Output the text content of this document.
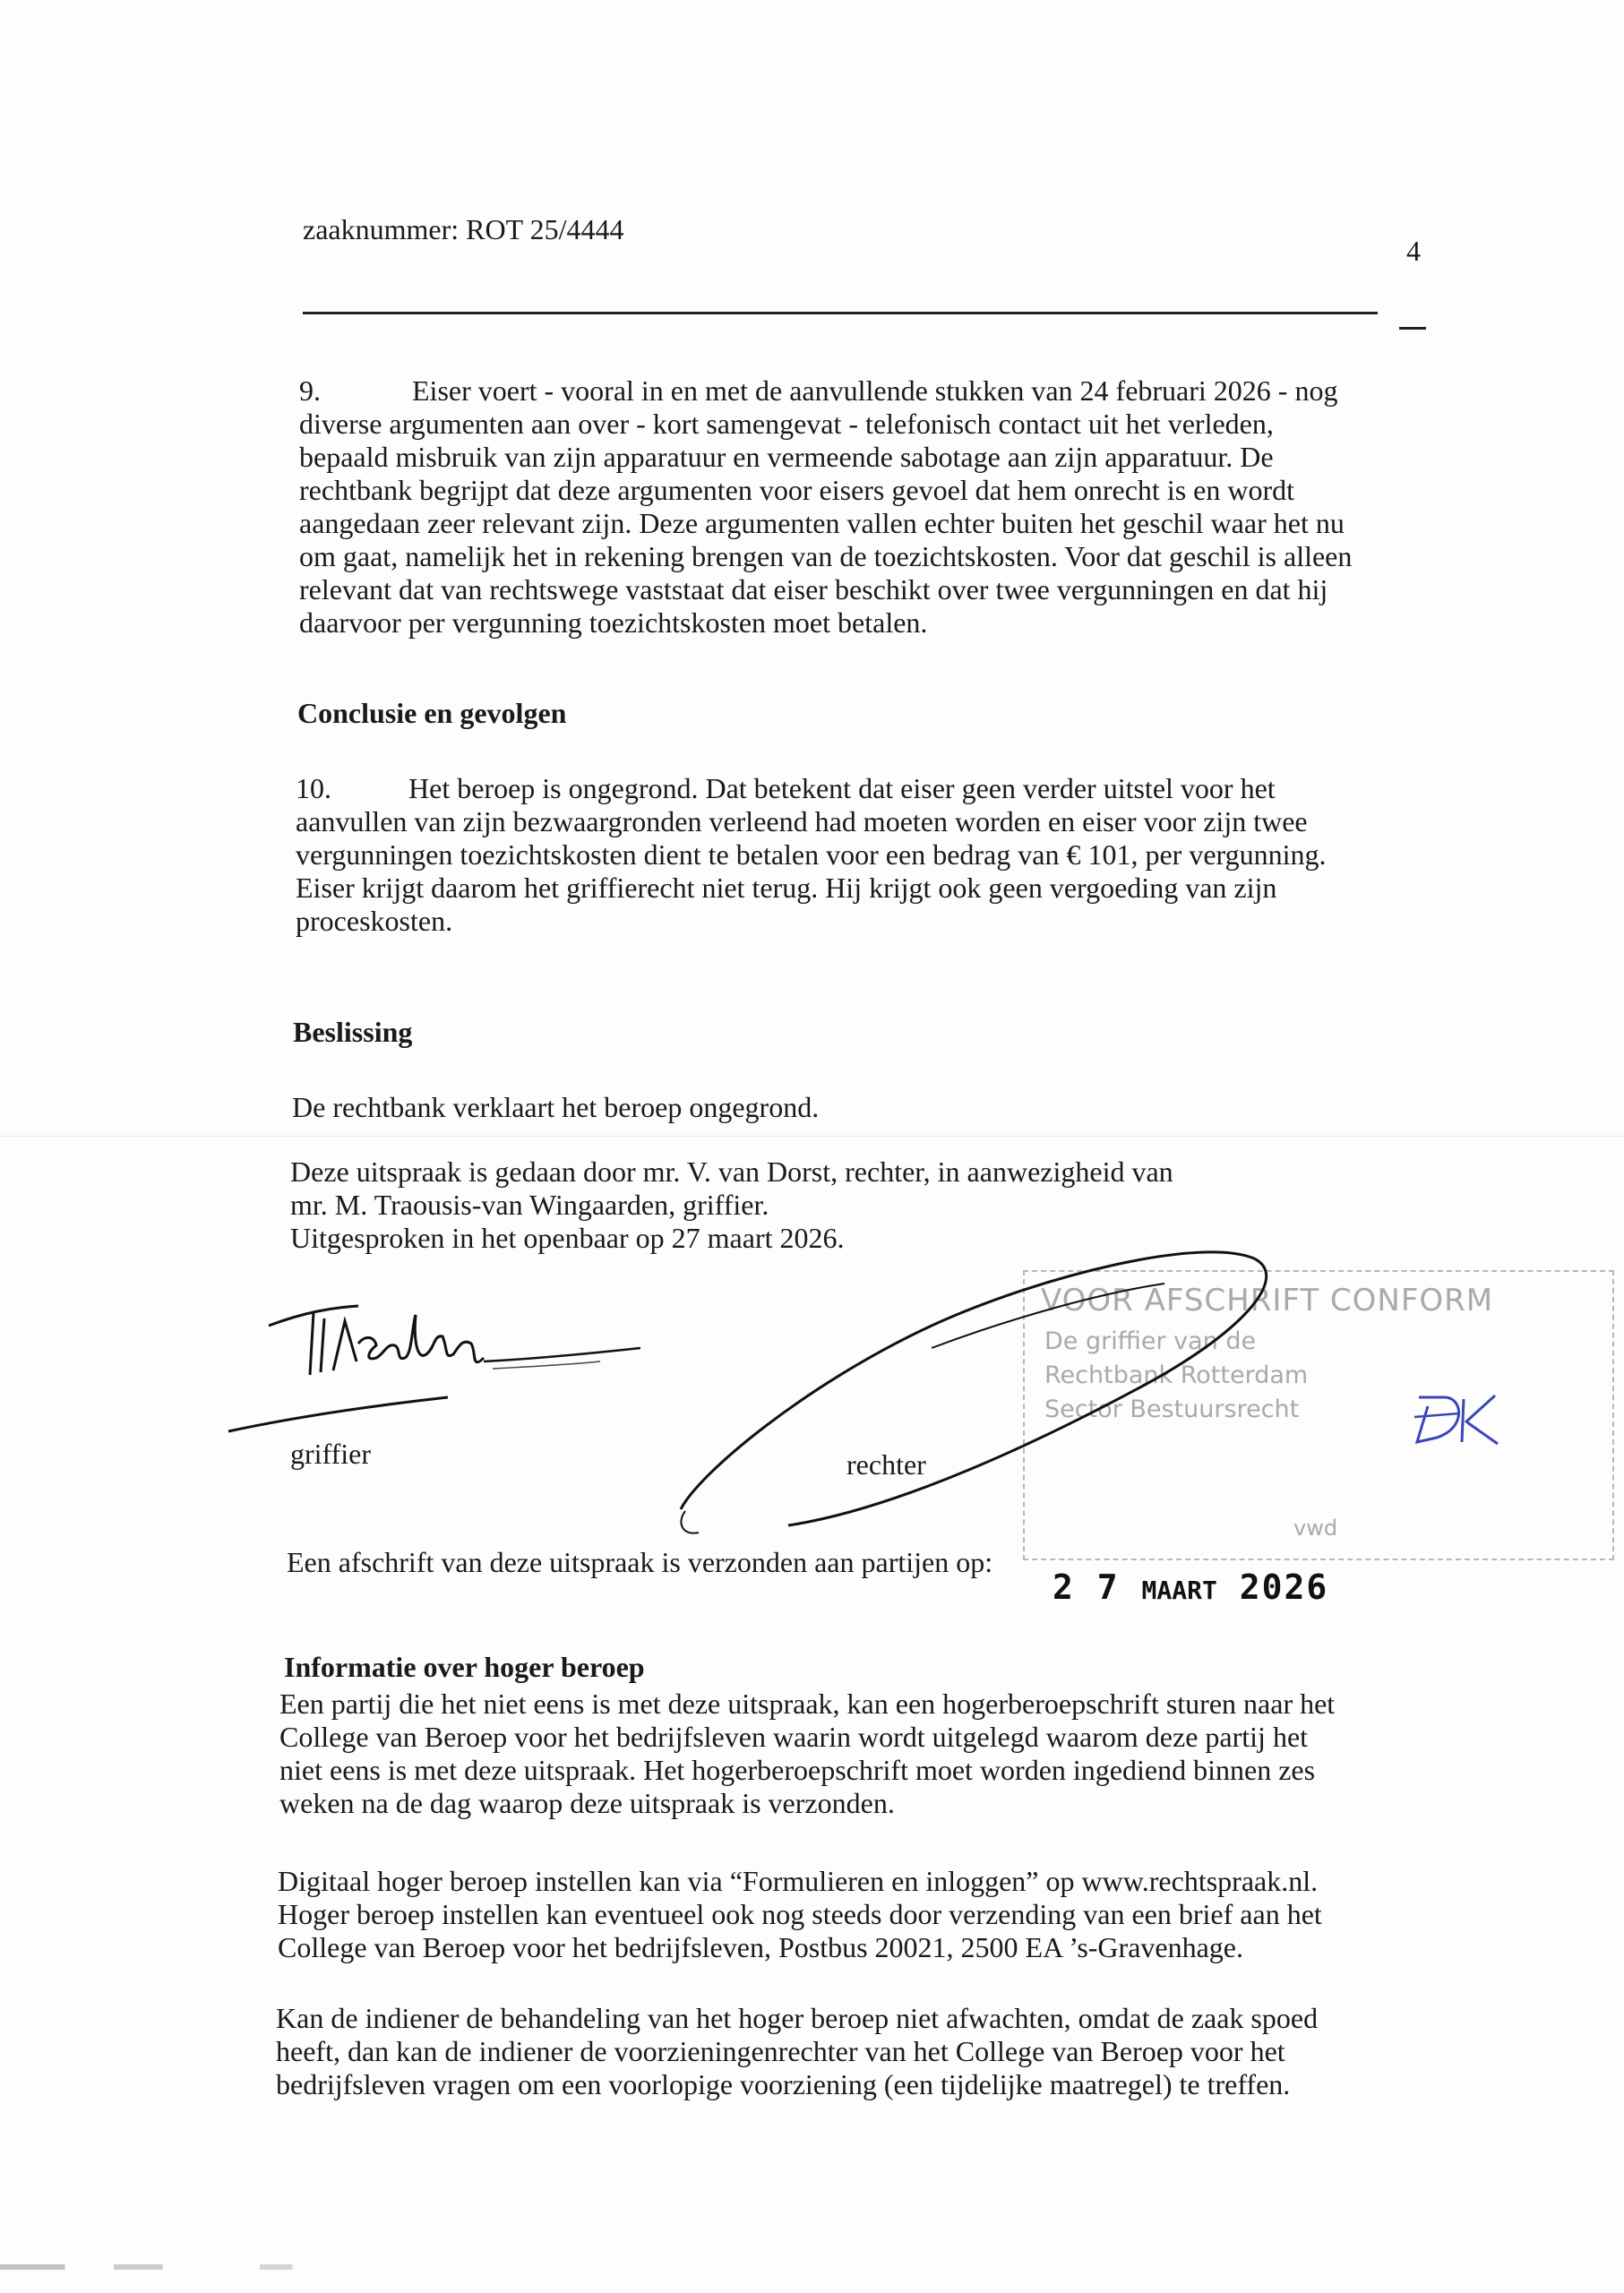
zaaknummer: ROT 25/4444
4
9.	Eiser voert - vooral in en met de aanvullende stukken van 24 februari 2026 - nog
diverse argumenten aan over - kort samengevat - telefonisch contact uit het verleden,
bepaald misbruik van zijn apparatuur en vermeende sabotage aan zijn apparatuur. De
rechtbank begrijpt dat deze argumenten voor eisers gevoel dat hem onrecht is en wordt
aangedaan zeer relevant zijn. Deze argumenten vallen echter buiten het geschil waar het nu
om gaat, namelijk het in rekening brengen van de toezichtskosten. Voor dat geschil is alleen
relevant dat van rechtswege vaststaat dat eiser beschikt over twee vergunningen en dat hij
daarvoor per vergunning toezichtskosten moet betalen.
Conclusie en gevolgen
10.	Het beroep is ongegrond. Dat betekent dat eiser geen verder uitstel voor het
aanvullen van zijn bezwaargronden verleend had moeten worden en eiser voor zijn twee
vergunningen toezichtskosten dient te betalen voor een bedrag van € 101, per vergunning.
Eiser krijgt daarom het griffierecht niet terug. Hij krijgt ook geen vergoeding van zijn
proceskosten.
Beslissing
De rechtbank verklaart het beroep ongegrond.
Deze uitspraak is gedaan door mr. V. van Dorst, rechter, in aanwezigheid van
mr. M. Traousis-van Wingaarden, griffier.
Uitgesproken in het openbaar op 27 maart 2026.
griffier
VOOR AFSCHRIFT CONFORM
De griffier van de
Rechtbank Rotterdam
Sector Bestuursrecht
vwd
rechter
Een afschrift van deze uitspraak is verzonden aan partijen op:
2 7 MAART 2026
Informatie over hoger beroep
Een partij die het niet eens is met deze uitspraak, kan een hogerberoepschrift sturen naar het
College van Beroep voor het bedrijfsleven waarin wordt uitgelegd waarom deze partij het
niet eens is met deze uitspraak. Het hogerberoepschrift moet worden ingediend binnen zes
weken na de dag waarop deze uitspraak is verzonden.
Digitaal hoger beroep instellen kan via “Formulieren en inloggen” op www.rechtspraak.nl.
Hoger beroep instellen kan eventueel ook nog steeds door verzending van een brief aan het
College van Beroep voor het bedrijfsleven, Postbus 20021, 2500 EA ’s-Gravenhage.
Kan de indiener de behandeling van het hoger beroep niet afwachten, omdat de zaak spoed
heeft, dan kan de indiener de voorzieningenrechter van het College van Beroep voor het
bedrijfsleven vragen om een voorlopige voorziening (een tijdelijke maatregel) te treffen.
